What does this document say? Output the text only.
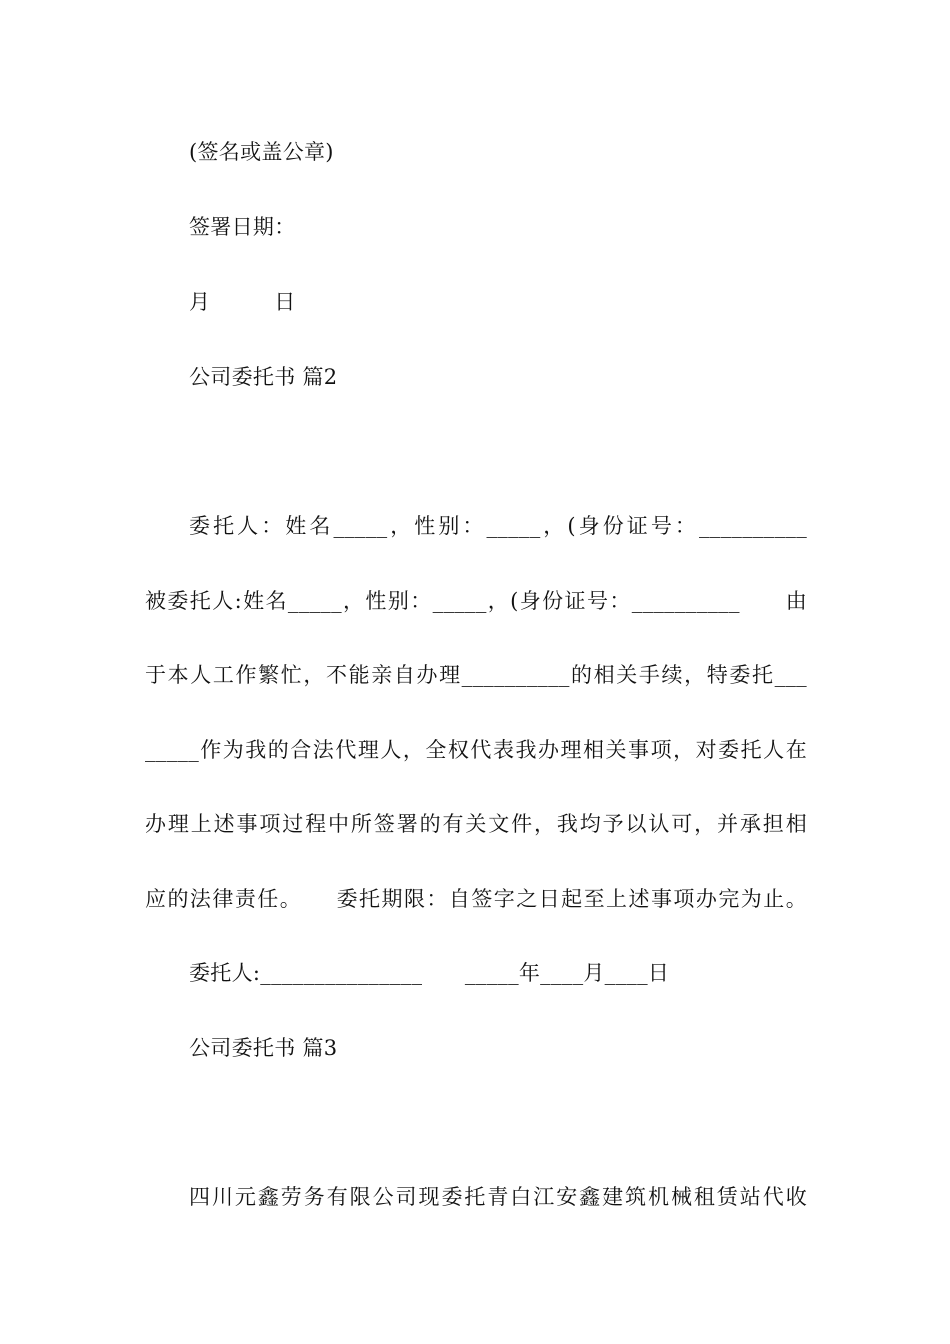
(签名或盖公章)
签署日期：
月　　　日
公司委托书 篇2
委托人：姓名_____，性别：_____，(身份证号：__________
被委托人:姓名_____，性别：_____，(身份证号：__________　　由
于本人工作繁忙，不能亲自办理__________的相关手续，特委托___
_____作为我的合法代理人，全权代表我办理相关事项，对委托人在
办理上述事项过程中所签署的有关文件，我均予以认可，并承担相
应的法律责任。　　委托期限：自签字之日起至上述事项办完为止。
委托人:_______________　　_____年____月____日
公司委托书 篇3
四川元鑫劳务有限公司现委托青白江安鑫建筑机械租赁站代收
